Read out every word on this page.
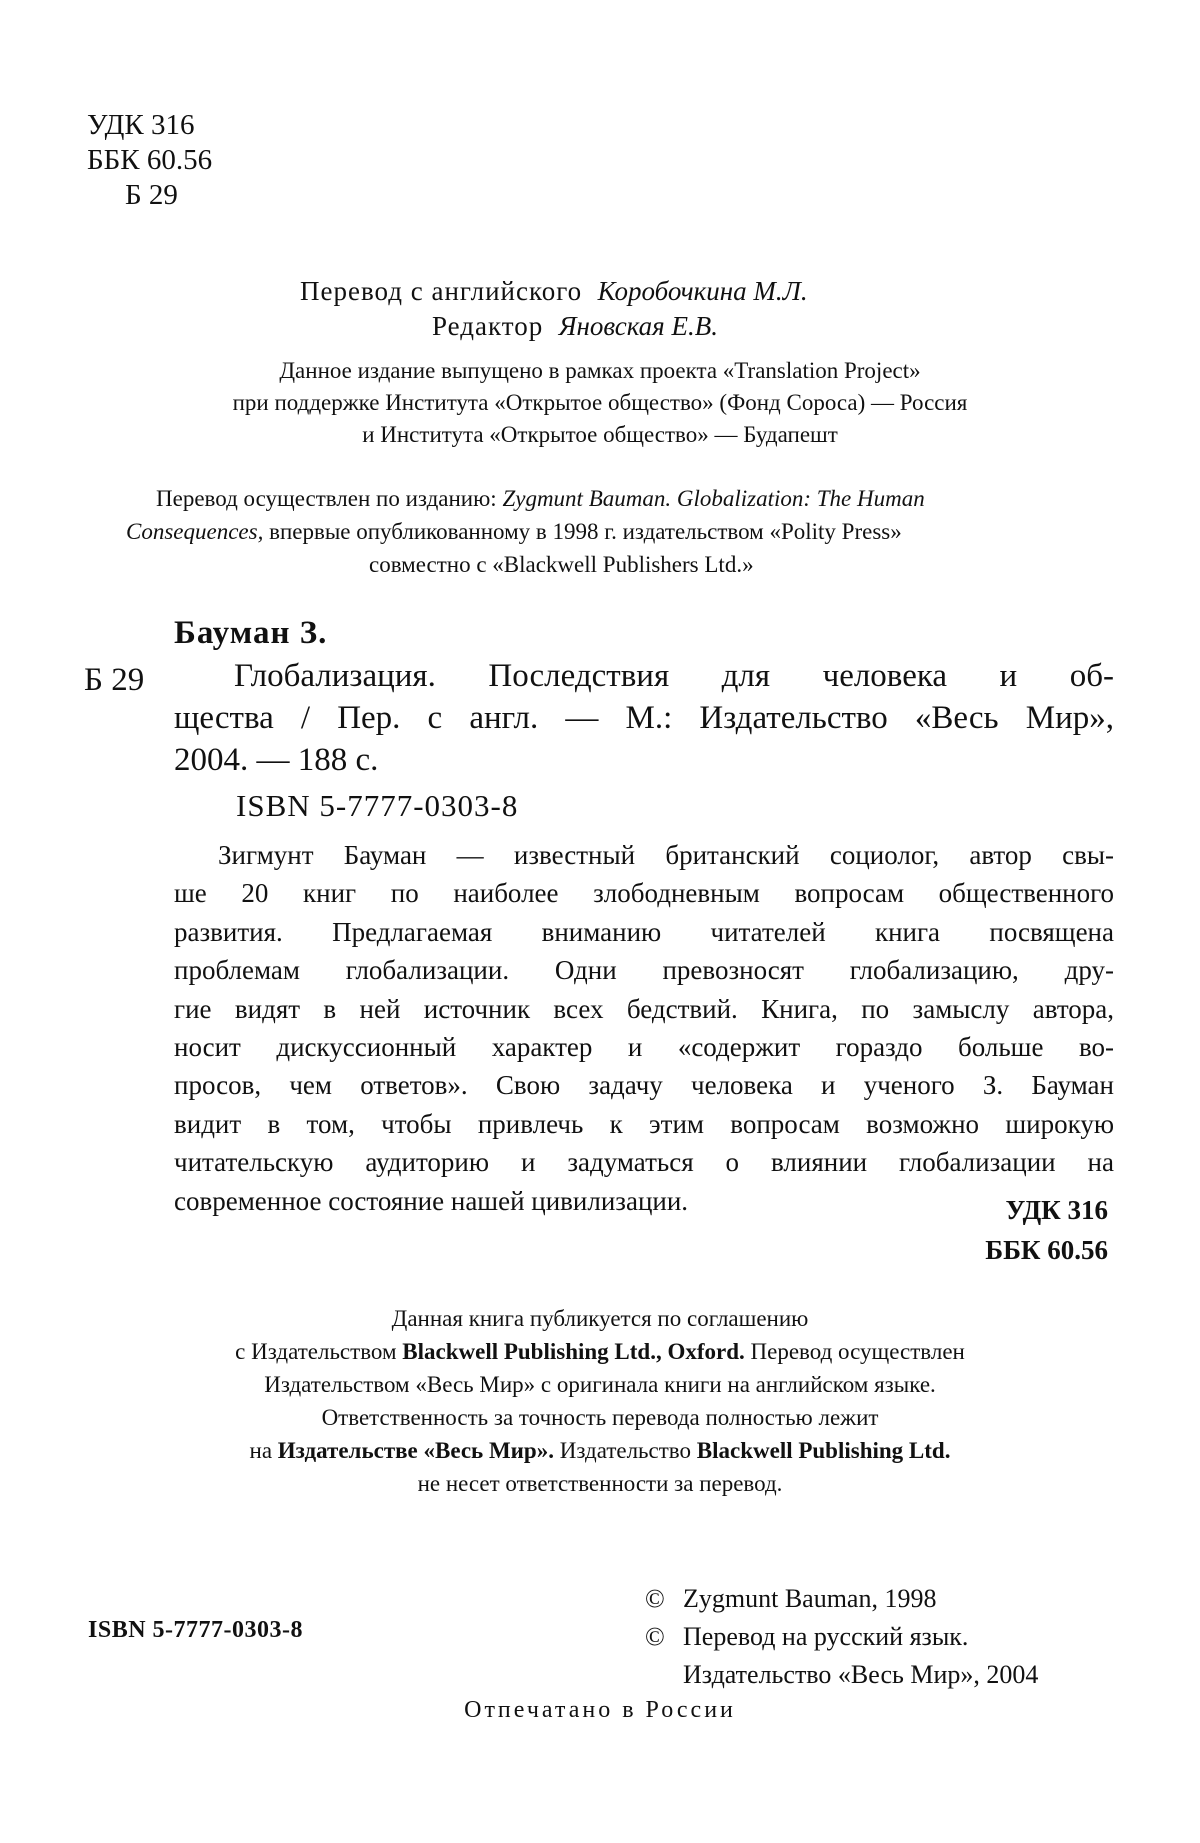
УДК 316
ББК 60.56
Б 29
Перевод с английского Коробочкина М.Л.
Редактор Яновская Е.В.
Данное издание выпущено в рамках проекта «Translation Project»
при поддержке Института «Открытое общество» (Фонд Сороса) — Россия
и Института «Открытое общество» — Будапешт
Перевод осуществлен по изданию: Zygmunt Bauman. Globalization: The Human
Consequences, впервые опубликованному в 1998 г. издательством «Polity Press»
совместно с «Blackwell Publishers Ltd.»
Бауман З.
Б 29	Глобализация. Последствия для человека и об-
щества / Пер. с англ. — М.: Издательство «Весь Мир»,
2004. — 188 с.
ISBN 5-7777-0303-8
Зигмунт Бауман — известный британский социолог, автор свы-
ше 20 книг по наиболее злободневным вопросам общественного
развития. Предлагаемая вниманию читателей книга посвящена
проблемам глобализации. Одни превозносят глобализацию, дру-
гие видят в ней источник всех бедствий. Книга, по замыслу автора,
носит дискуссионный характер и «содержит гораздо больше во-
просов, чем ответов». Свою задачу человека и ученого З. Бауман
видит в том, чтобы привлечь к этим вопросам возможно широкую
читательскую аудиторию и задуматься о влиянии глобализации на
современное состояние нашей цивилизации.	УДК 316
ББК 60.56
Данная книга публикуется по соглашению
с Издательством Blackwell Publishing Ltd., Oxford. Перевод осуществлен
Издательством «Весь Мир» с оригинала книги на английском языке.
Ответственность за точность перевода полностью лежит
на Издательстве «Весь Мир». Издательство Blackwell Publishing Ltd.
не несет ответственности за перевод.
ISBN 5-7777-0303-8
© Zygmunt Bauman, 1998
© Перевод на русский язык.
Издательство «Весь Мир», 2004
Отпечатано в России
